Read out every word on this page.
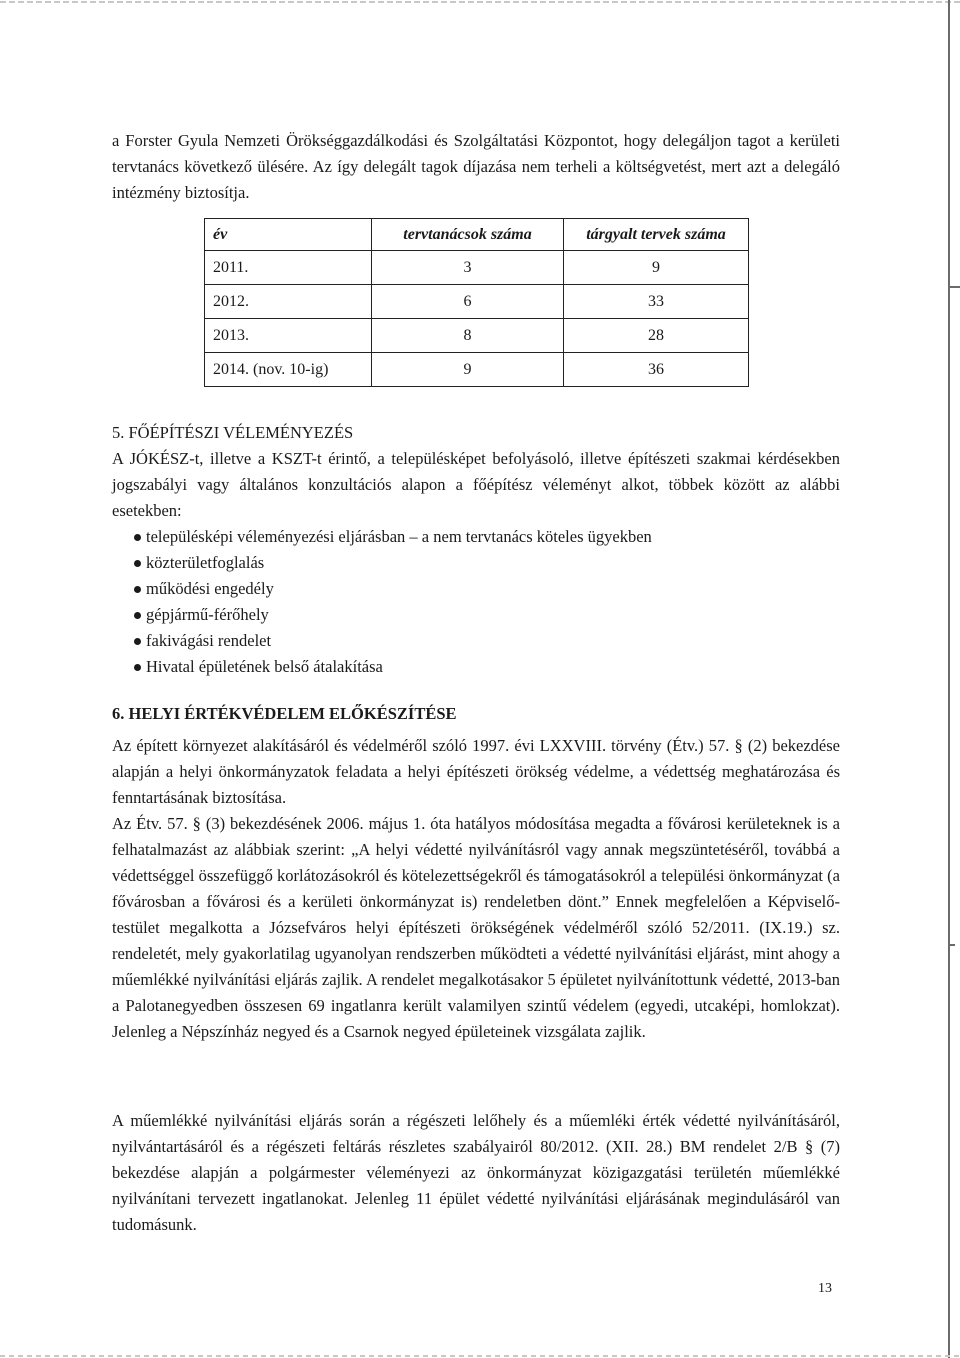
a Forster Gyula Nemzeti Örökséggazdálkodási és Szolgáltatási Központot, hogy delegáljon tagot a kerületi tervtanács következő ülésére. Az így delegált tagok díjazása nem terheli a költségvetést, mert azt a delegáló intézmény biztosítja.

év	tervtanácsok száma	tárgyalt tervek száma
2011.	3	9
2012.	6	33
2013.	8	28
2014. (nov. 10-ig)	9	36
5. FŐÉPÍTÉSZI VÉLEMÉNYEZÉS

A JÓKÉSZ-t, illetve a KSZT-t érintő, a településképet befolyásoló, illetve építészeti szakmai kérdésekben jogszabályi vagy általános konzultációs alapon a főépítész véleményt alkot, többek között az alábbi esetekben:

településképi véleményezési eljárásban – a nem tervtanács köteles ügyekben
közterületfoglalás
működési engedély
gépjármű-férőhely
fakivágási rendelet
Hivatal épületének belső átalakítása
6. HELYI ÉRTÉKVÉDELEM ELŐKÉSZÍTÉSE

Az épített környezet alakításáról és védelméről szóló 1997. évi LXXVIII. törvény (Étv.) 57. § (2) bekezdése alapján a helyi önkormányzatok feladata a helyi építészeti örökség védelme, a védettség meghatározása és fenntartásának biztosítása.

Az Étv. 57. § (3) bekezdésének 2006. május 1. óta hatályos módosítása megadta a fővárosi kerületeknek is a felhatalmazást az alábbiak szerint: „A helyi védetté nyilvánításról vagy annak megszüntetéséről, továbbá a védettséggel összefüggő korlátozásokról és kötelezettségekről és támogatásokról a települési önkormányzat (a fővárosban a fővárosi és a kerületi önkormányzat is) rendeletben dönt.” Ennek megfelelően a Képviselő-testület megalkotta a Józsefváros helyi építészeti örökségének védelméről szóló 52/2011. (IX.19.) sz. rendeletét, mely gyakorlatilag ugyanolyan rendszerben működteti a védetté nyilvánítási eljárást, mint ahogy a műemlékké nyilvánítási eljárás zajlik. A rendelet megalkotásakor 5 épületet nyilvánítottunk védetté, 2013-ban a Palotanegyedben összesen 69 ingatlanra került valamilyen szintű védelem (egyedi, utcaképi, homlokzat). Jelenleg a Népszínház negyed és a Csarnok negyed épületeinek vizsgálata zajlik.

A műemlékké nyilvánítási eljárás során a régészeti lelőhely és a műemléki érték védetté nyilvánításáról, nyilvántartásáról és a régészeti feltárás részletes szabályairól 80/2012. (XII. 28.) BM rendelet 2/B § (7) bekezdése alapján a polgármester véleményezi az önkormányzat közigazgatási területén műemlékké nyilvánítani tervezett ingatlanokat. Jelenleg 11 épület védetté nyilvánítási eljárásának megindulásáról van tudomásunk.

13
